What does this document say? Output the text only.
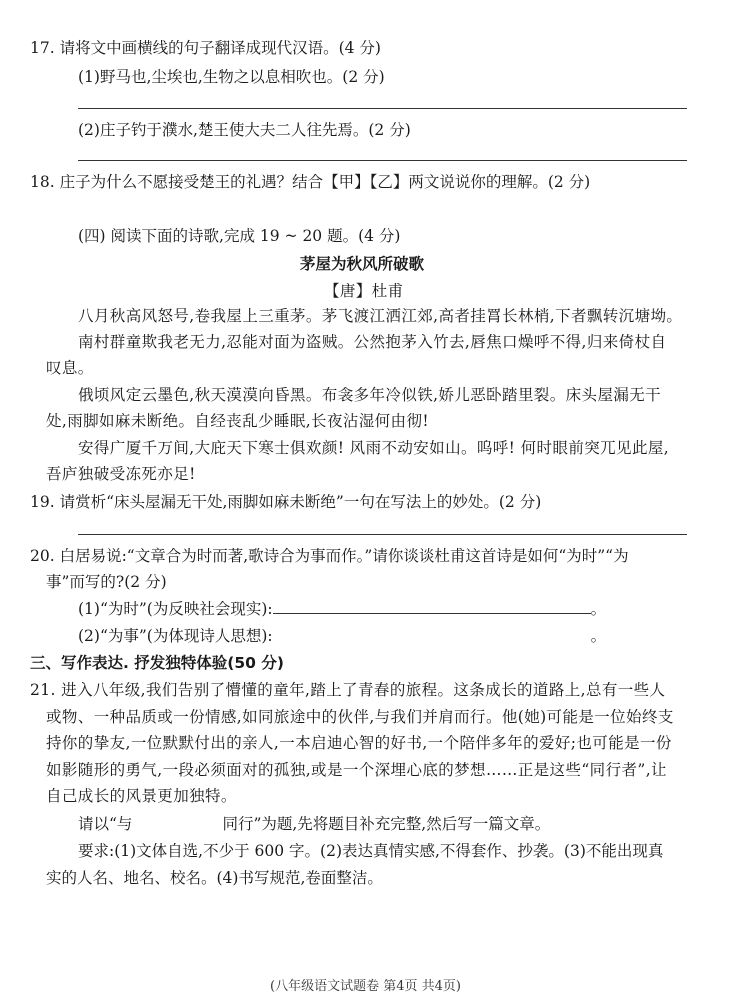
17. 请将文中画横线的句子翻译成现代汉语。(4 分)
(1)野马也,尘埃也,生物之以息相吹也。(2 分)
(2)庄子钓于濮水,楚王使大夫二人往先焉。(2 分)
18. 庄子为什么不愿接受楚王的礼遇？结合【甲】【乙】两文说说你的理解。(2 分)
(四) 阅读下面的诗歌,完成 19 ~ 20 题。(4 分)
茅屋为秋风所破歌
【唐】杜甫
八月秋高风怒号,卷我屋上三重茅。茅飞渡江洒江郊,高者挂罥长林梢,下者飘转沉塘坳。
南村群童欺我老无力,忍能对面为盗贼。公然抱茅入竹去,唇焦口燥呼不得,归来倚杖自
叹息。
俄顷风定云墨色,秋天漠漠向昏黑。布衾多年冷似铁,娇儿恶卧踏里裂。床头屋漏无干
处,雨脚如麻未断绝。自经丧乱少睡眠,长夜沾湿何由彻!
安得广厦千万间,大庇天下寒士俱欢颜! 风雨不动安如山。呜呼! 何时眼前突兀见此屋,
吾庐独破受冻死亦足!
19. 请赏析“床头屋漏无干处,雨脚如麻未断绝”一句在写法上的妙处。(2 分)
20. 白居易说:“文章合为时而著,歌诗合为事而作。”请你谈谈杜甫这首诗是如何“为时”“为
事”而写的?(2 分)
(1)“为时”(为反映社会现实):	。
(2)“为事”(为体现诗人思想):	。
三、写作表达. 抒发独特体验(50 分)
21. 进入八年级,我们告别了懵懂的童年,踏上了青春的旅程。这条成长的道路上,总有一些人
或物、一种品质或一份情感,如同旅途中的伙伴,与我们并肩而行。他(她)可能是一位始终支
持你的挚友,一位默默付出的亲人,一本启迪心智的好书,一个陪伴多年的爱好;也可能是一份
如影随形的勇气,一段必须面对的孤独,或是一个深埋心底的梦想……正是这些“同行者”,让
自己成长的风景更加独特。
请以“与	同行”为题,先将题目补充完整,然后写一篇文章。
要求:(1)文体自选,不少于 600 字。(2)表达真情实感,不得套作、抄袭。(3)不能出现真
实的人名、地名、校名。(4)书写规范,卷面整洁。
(八年级语文试题卷 第4页 共4页)
